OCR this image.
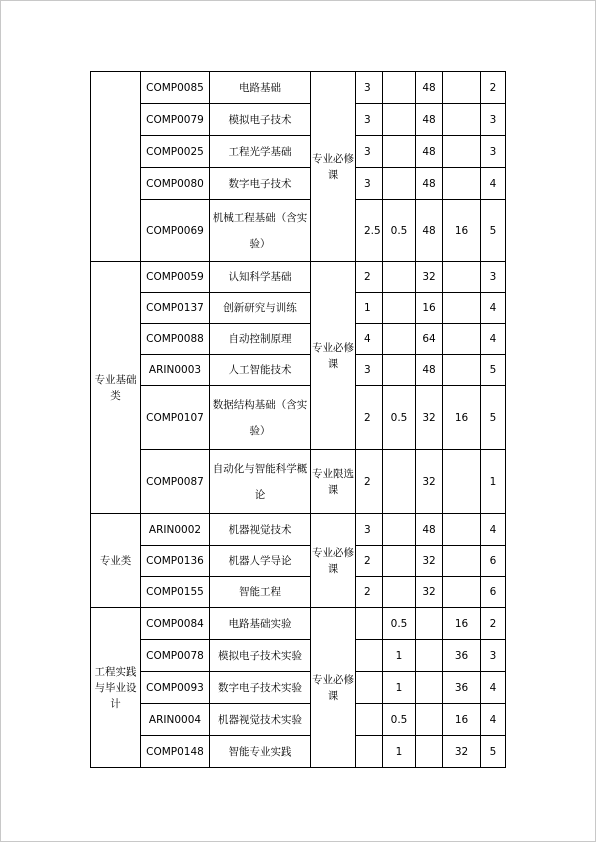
	COMP0085	电路基础	专业必修课	3		48		2
	COMP0079	模拟电子技术		3		48		3
	COMP0025	工程光学基础		3		48		3
	COMP0080	数字电子技术		3		48		4
	COMP0069	机械工程基础（含实验）		2.5	0.5	48	16	5
专业基础类	COMP0059	认知科学基础	专业必修课	2		32		3
	COMP0137	创新研究与训练		1		16		4
	COMP0088	自动控制原理		4		64		4
	ARIN0003	人工智能技术		3		48		5
	COMP0107	数据结构基础（含实验）		2	0.5	32	16	5
	COMP0087	自动化与智能科学概论	专业限选课	2		32		1
专业类	ARIN0002	机器视觉技术	专业必修课	3		48		4
	COMP0136	机器人学导论		2		32		6
	COMP0155	智能工程		2		32		6
工程实践与毕业设计	COMP0084	电路基础实验	专业必修课		0.5		16	2
	COMP0078	模拟电子技术实验			1		36	3
	COMP0093	数字电子技术实验			1		36	4
	ARIN0004	机器视觉技术实验			0.5		16	4
	COMP0148	智能专业实践			1		32	5
